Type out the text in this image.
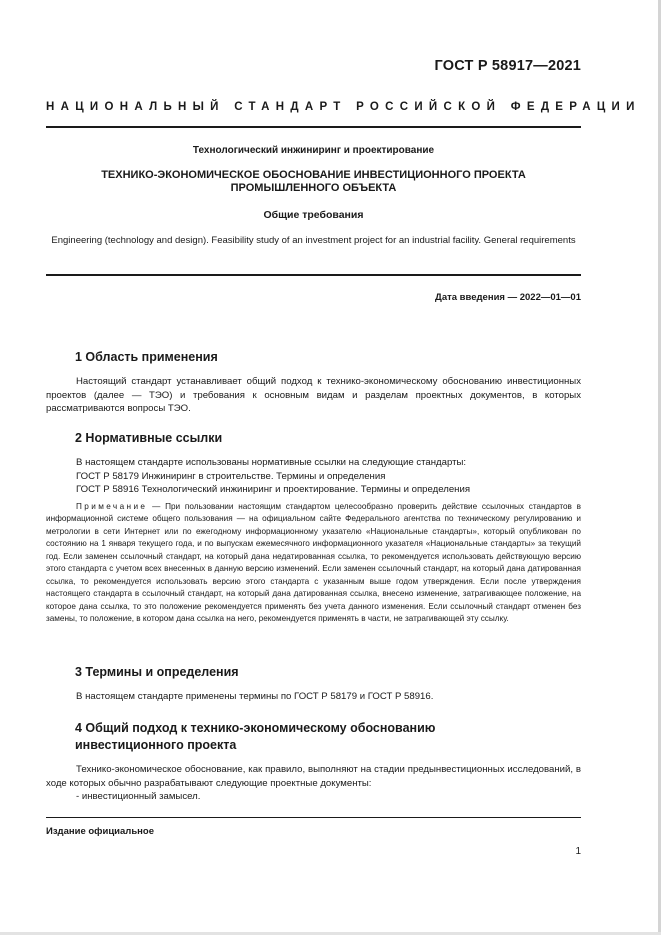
ГОСТ Р 58917—2021
НАЦИОНАЛЬНЫЙ СТАНДАРТ РОССИЙСКОЙ ФЕДЕРАЦИИ
Технологический инжиниринг и проектирование
ТЕХНИКО-ЭКОНОМИЧЕСКОЕ ОБОСНОВАНИЕ ИНВЕСТИЦИОННОГО ПРОЕКТА ПРОМЫШЛЕННОГО ОБЪЕКТА
Общие требования
Engineering (technology and design). Feasibility study of an investment project for an industrial facility. General requirements
Дата введения — 2022—01—01

1 Область применения

Настоящий стандарт устанавливает общий подход к технико-экономическому обоснованию инвестиционных проектов (далее — ТЭО) и требования к основным видам и разделам проектных документов, в которых рассматриваются вопросы ТЭО.

2 Нормативные ссылки

В настоящем стандарте использованы нормативные ссылки на следующие стандарты:

ГОСТ Р 58179 Инжиниринг в строительстве. Термины и определения

ГОСТ Р 58916 Технологический инжиниринг и проектирование. Термины и определения

Примечание — При пользовании настоящим стандартом целесообразно проверить действие ссылочных стандартов в информационной системе общего пользования — на официальном сайте Федерального агентства по техническому регулированию и метрологии в сети Интернет или по ежегодному информационному указателю «Национальные стандарты», который опубликован по состоянию на 1 января текущего года, и по выпускам ежемесячного информационного указателя «Национальные стандарты» за текущий год. Если заменен ссылочный стандарт, на который дана недатированная ссылка, то рекомендуется использовать действующую версию этого стандарта с учетом всех внесенных в данную версию изменений. Если заменен ссылочный стандарт, на который дана датированная ссылка, то рекомендуется использовать версию этого стандарта с указанным выше годом утверждения. Если после утверждения настоящего стандарта в ссылочный стандарт, на который дана датированная ссылка, внесено изменение, затрагивающее положение, на которое дана ссылка, то это положение рекомендуется применять без учета данного изменения. Если ссылочный стандарт отменен без замены, то положение, в котором дана ссылка на него, рекомендуется применять в части, не затрагивающей эту ссылку.

3 Термины и определения

В настоящем стандарте применены термины по ГОСТ Р 58179 и ГОСТ Р 58916.

4 Общий подход к технико-экономическому обоснованию инвестиционного проекта

Технико-экономическое обоснование, как правило, выполняют на стадии предынвестиционных исследований, в ходе которых обычно разрабатывают следующие проектные документы:

- инвестиционный замысел.

Издание официальное
1
